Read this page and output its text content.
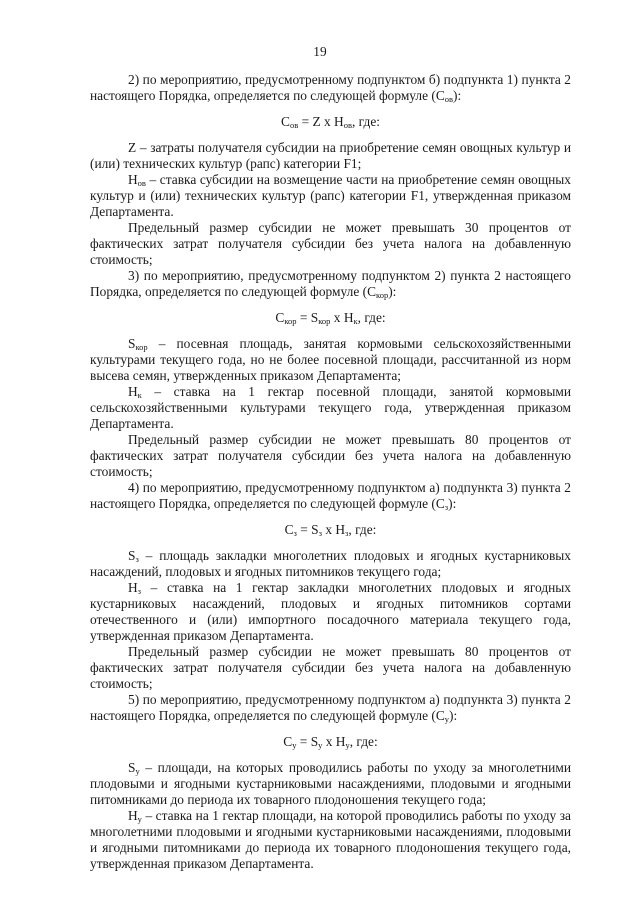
19

2) по мероприятию, предусмотренному подпунктом б) подпункта 1) пункта 2 настоящего Порядка, определяется по следующей формуле $(С_{ов})$:

$С_{ов} = Z$ х $Н_{ов}$, где:

Z – затраты получателя субсидии на приобретение семян овощных культур и (или) технических культур (рапс) категории F1;

$Н_{ов}$ – ставка субсидии на возмещение части на приобретение семян овощных культур и (или) технических культур (рапс) категории F1, утвержденная приказом Департамента.

Предельный размер субсидии не может превышать 30 процентов от фактических затрат получателя субсидии без учета налога на добавленную стоимость;

3) по мероприятию, предусмотренному подпунктом 2) пункта 2 настоящего Порядка, определяется по следующей формуле $(С_{кор})$:

$С_{кор} = S_{кор}$ х $Н_к$, где:

$S_{кор}$ – посевная площадь, занятая кормовыми сельскохозяйственными культурами текущего года, но не более посевной площади, рассчитанной из норм высева семян, утвержденных приказом Департамента;

$Н_к$ – ставка на 1 гектар посевной площади, занятой кормовыми сельскохозяйственными культурами текущего года, утвержденная приказом Департамента.

Предельный размер субсидии не может превышать 80 процентов от фактических затрат получателя субсидии без учета налога на добавленную стоимость;

4) по мероприятию, предусмотренному подпунктом а) подпункта 3) пункта 2 настоящего Порядка, определяется по следующей формуле $(С_з)$:

$С_з = S_з$ х $Н_з$, где:

$S_з$ – площадь закладки многолетних плодовых и ягодных кустарниковых насаждений, плодовых и ягодных питомников текущего года;

$Н_з$ – ставка на 1 гектар закладки многолетних плодовых и ягодных кустарниковых насаждений, плодовых и ягодных питомников сортами отечественного и (или) импортного посадочного материала текущего года, утвержденная приказом Департамента.

Предельный размер субсидии не может превышать 80 процентов от фактических затрат получателя субсидии без учета налога на добавленную стоимость;

5) по мероприятию, предусмотренному подпунктом а) подпункта 3) пункта 2 настоящего Порядка, определяется по следующей формуле $(С_у)$:

$С_у = S_у$ х $Н_у$, где:

$S_у$ – площади, на которых проводились работы по уходу за многолетними плодовыми и ягодными кустарниковыми насаждениями, плодовыми и ягодными питомниками до периода их товарного плодоношения текущего года;

$Н_у$ – ставка на 1 гектар площади, на которой проводились работы по уходу за многолетними плодовыми и ягодными кустарниковыми насаждениями, плодовыми и ягодными питомниками до периода их товарного плодоношения текущего года, утвержденная приказом Департамента.
